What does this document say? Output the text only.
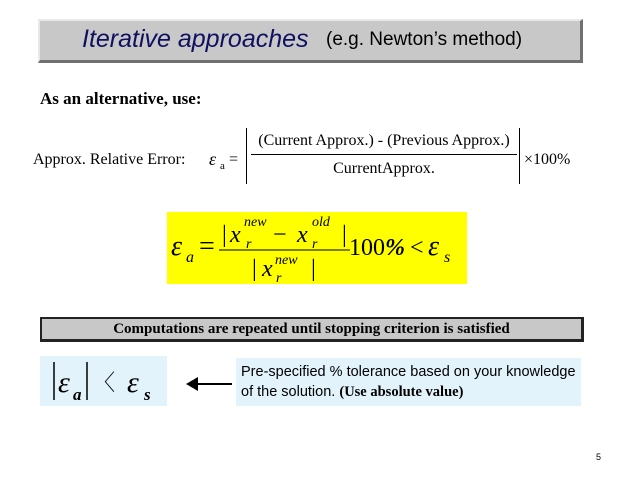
Iterative approaches (e.g. Newton’s method)
As an alternative, use:
Approx. Relative Error: ε a =
(Current Approx.) - (Previous Approx.)
CurrentApprox.
×100%
ε a = | x r
new − x r
old | 100 % < ε s
| x r
new |
Computations are repeated until stopping criterion is satisfied
ε a 〈 ε s
Pre-specified % tolerance based on your knowledge of the solution. (Use absolute value)
5
